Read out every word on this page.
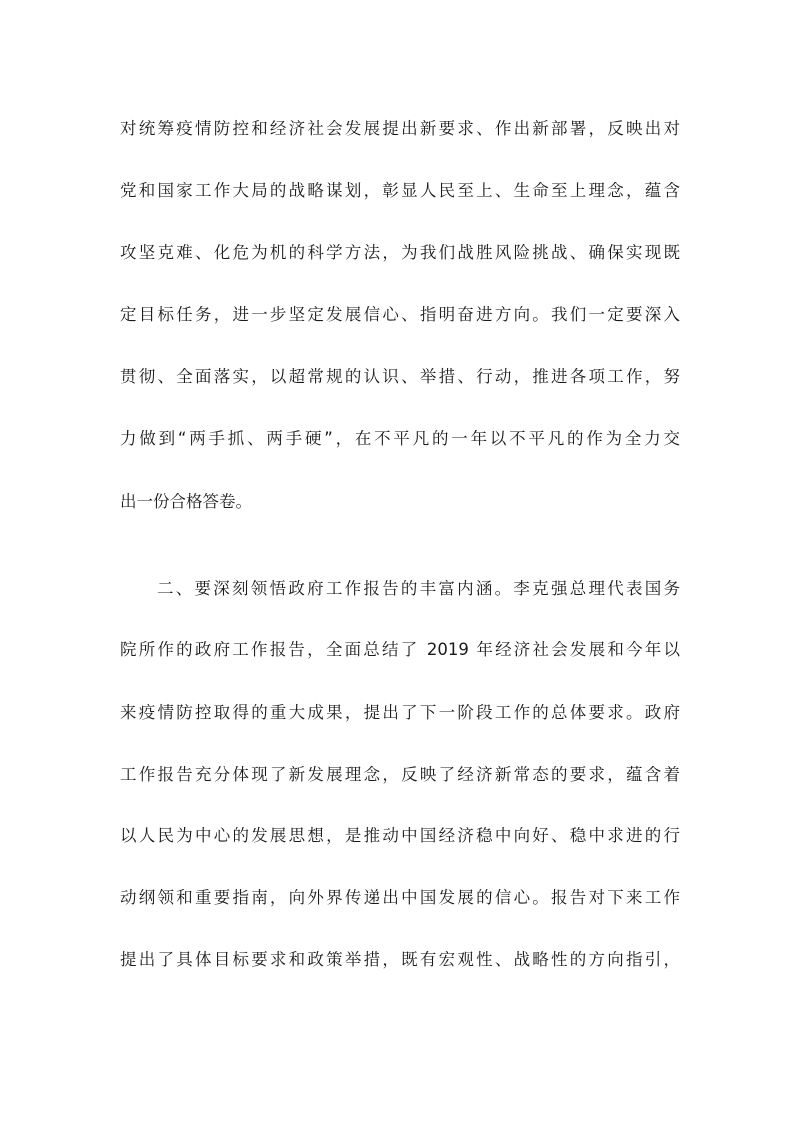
对统筹疫情防控和经济社会发展提出新要求、作出新部署，反映出对
党和国家工作大局的战略谋划，彰显人民至上、生命至上理念，蕴含
攻坚克难、化危为机的科学方法，为我们战胜风险挑战、确保实现既
定目标任务，进一步坚定发展信心、指明奋进方向。我们一定要深入
贯彻、全面落实，以超常规的认识、举措、行动，推进各项工作，努
力做到“两手抓、两手硬”，在不平凡的一年以不平凡的作为全力交
出一份合格答卷。
二、要深刻领悟政府工作报告的丰富内涵。李克强总理代表国务
院所作的政府工作报告，全面总结了 2019 年经济社会发展和今年以
来疫情防控取得的重大成果，提出了下一阶段工作的总体要求。政府
工作报告充分体现了新发展理念，反映了经济新常态的要求，蕴含着
以人民为中心的发展思想，是推动中国经济稳中向好、稳中求进的行
动纲领和重要指南，向外界传递出中国发展的信心。报告对下来工作
提出了具体目标要求和政策举措，既有宏观性、战略性的方向指引，
